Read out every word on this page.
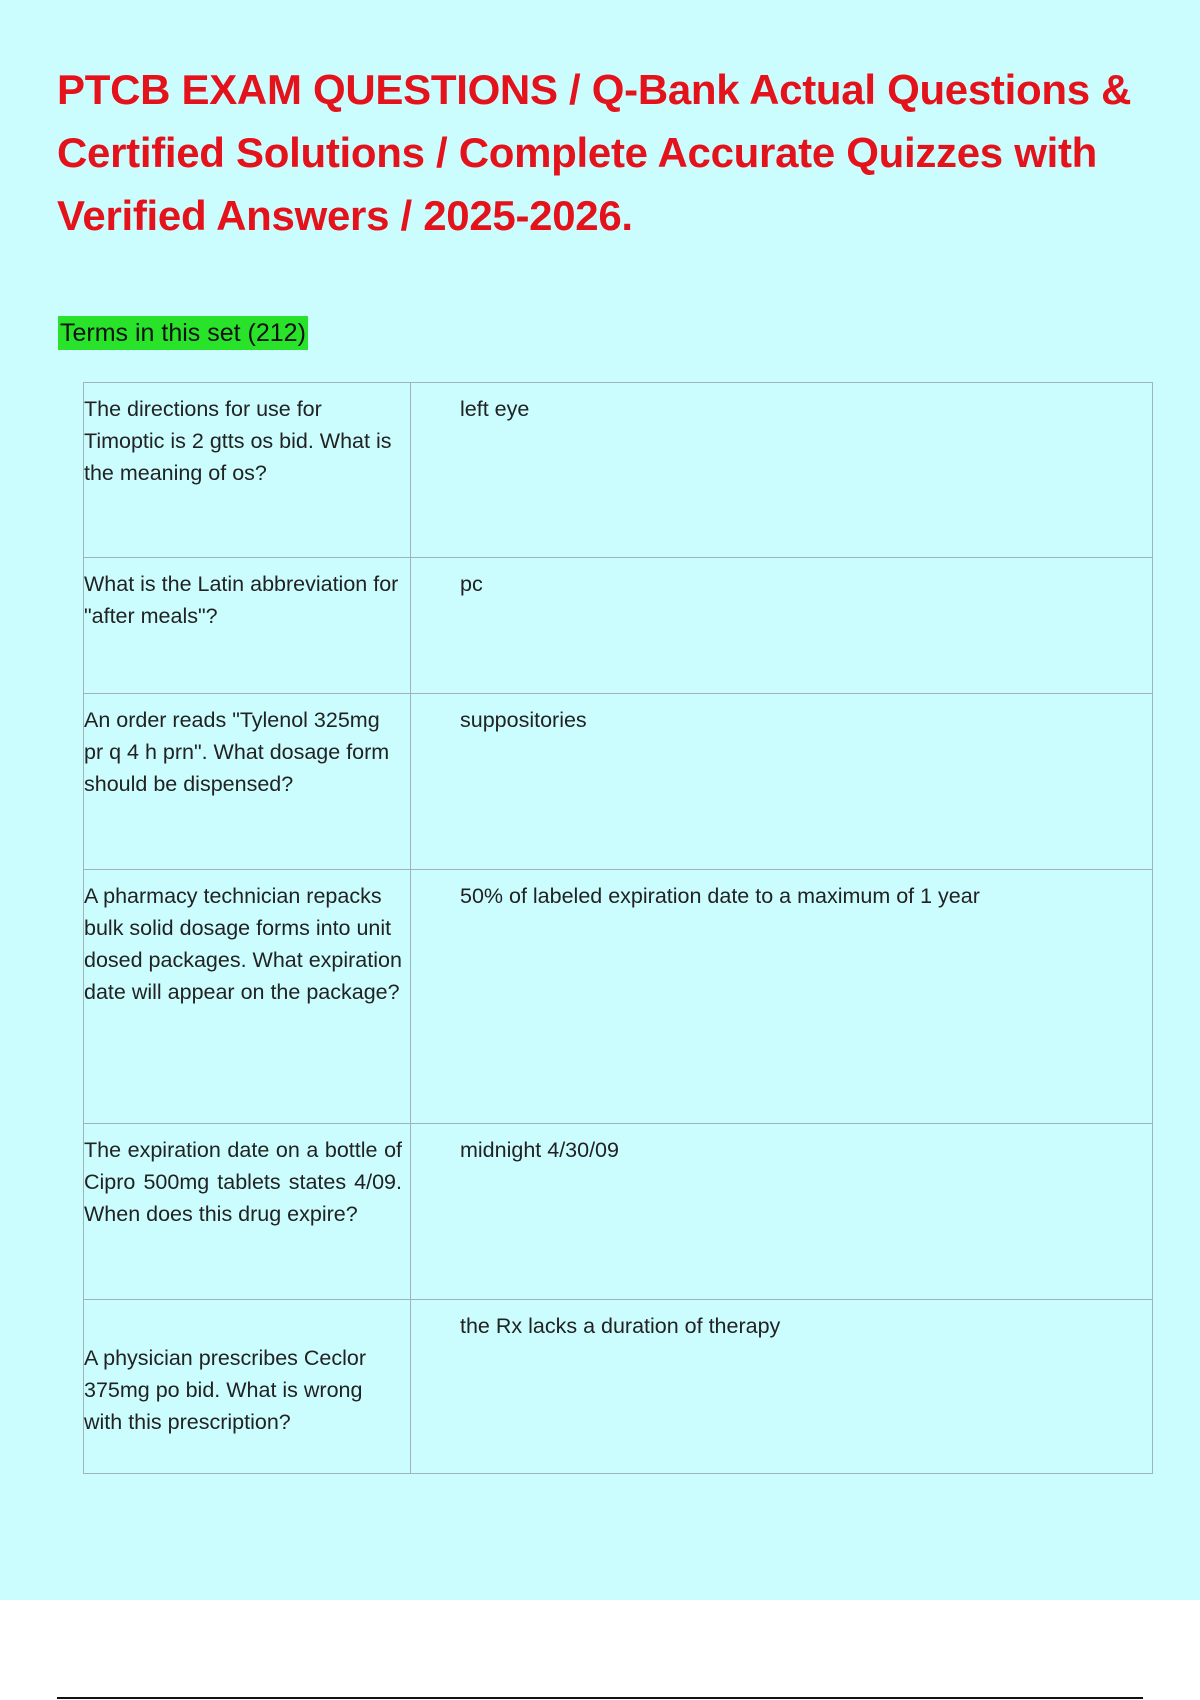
PTCB EXAM QUESTIONS / Q-Bank Actual Questions & Certified Solutions / Complete Accurate Quizzes with Verified Answers / 2025-2026.
Terms in this set (212)
The directions for use for Timoptic is 2 gtts os bid. What is the meaning of os?	left eye
What is the Latin abbreviation for "after meals"?	pc
An order reads "Tylenol 325mg pr q 4 h prn". What dosage form should be dispensed?	suppositories
A pharmacy technician repacks bulk solid dosage forms into unit dosed packages. What expiration date will appear on the package?	50% of labeled expiration date to a maximum of 1 year
The expiration date on a bottle of Cipro 500mg tablets states 4/09. When does this drug expire?	midnight 4/30/09
A physician prescribes Ceclor 375mg po bid. What is wrong with this prescription?	the Rx lacks a duration of therapy
